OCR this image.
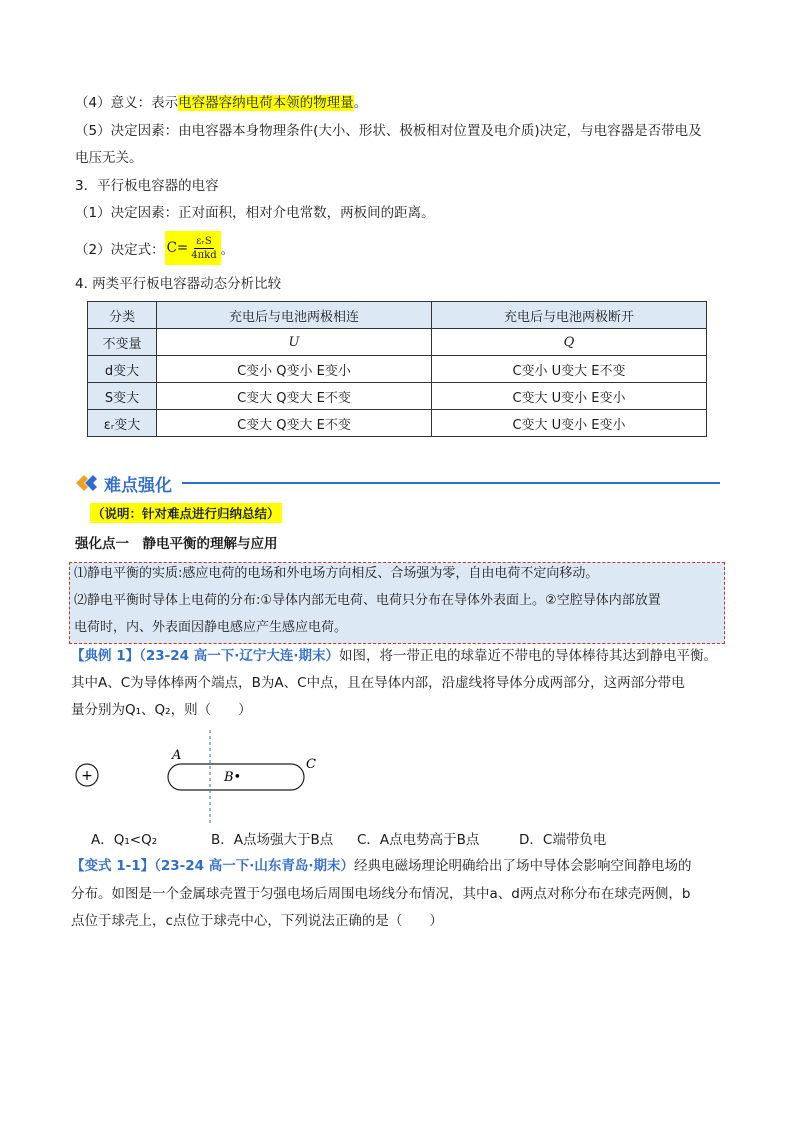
（4）意义：表示电容器容纳电荷本领的物理量。
（5）决定因素：由电容器本身物理条件(大小、形状、极板相对位置及电介质)决定，与电容器是否带电及
电压无关。
3．平行板电容器的电容
（1）决定因素：正对面积，相对介电常数，两板间的距离。
（2）决定式： $C= \frac{\text{εᵣS}}{\text{4πkd}}$ 。
4. 两类平行板电容器动态分析比较
分类	充电后与电池两极相连	充电后与电池两极断开
不变量	U	Q
d变大	C变小 Q变小 E变小	C变小 U变大 E不变
S变大	C变大 Q变大 E不变	C变大 U变小 E变小
εᵣ变大	C变大 Q变大 E不变	C变大 U变小 E变小
难点强化
（说明：针对难点进行归纳总结）
强化点一　静电平衡的理解与应用
⑴静电平衡的实质:感应电荷的电场和外电场方向相反、合场强为零，自由电荷不定向移动。
⑵静电平衡时导体上电荷的分布:①导体内部无电荷、电荷只分布在导体外表面上。②空腔导体内部放置
电荷时，内、外表面因静电感应产生感应电荷。
【典例 1】（23-24 高一下·辽宁大连·期末）如图，将一带正电的球靠近不带电的导体棒待其达到静电平衡。
其中A、C为导体棒两个端点，B为A、C中点，且在导体内部，沿虚线将导体分成两部分，这两部分带电
量分别为Q₁、Q₂，则（　　）
+
A
B•
C
A．Q₁<Q₂	B．A点场强大于B点 C．A点电势高于B点	D．C端带负电
【变式 1-1】（23-24 高一下·山东青岛·期末）经典电磁场理论明确给出了场中导体会影响空间静电场的
分布。如图是一个金属球壳置于匀强电场后周围电场线分布情况，其中a、d两点对称分布在球壳两侧，b
点位于球壳上，c点位于球壳中心，下列说法正确的是（　　）
